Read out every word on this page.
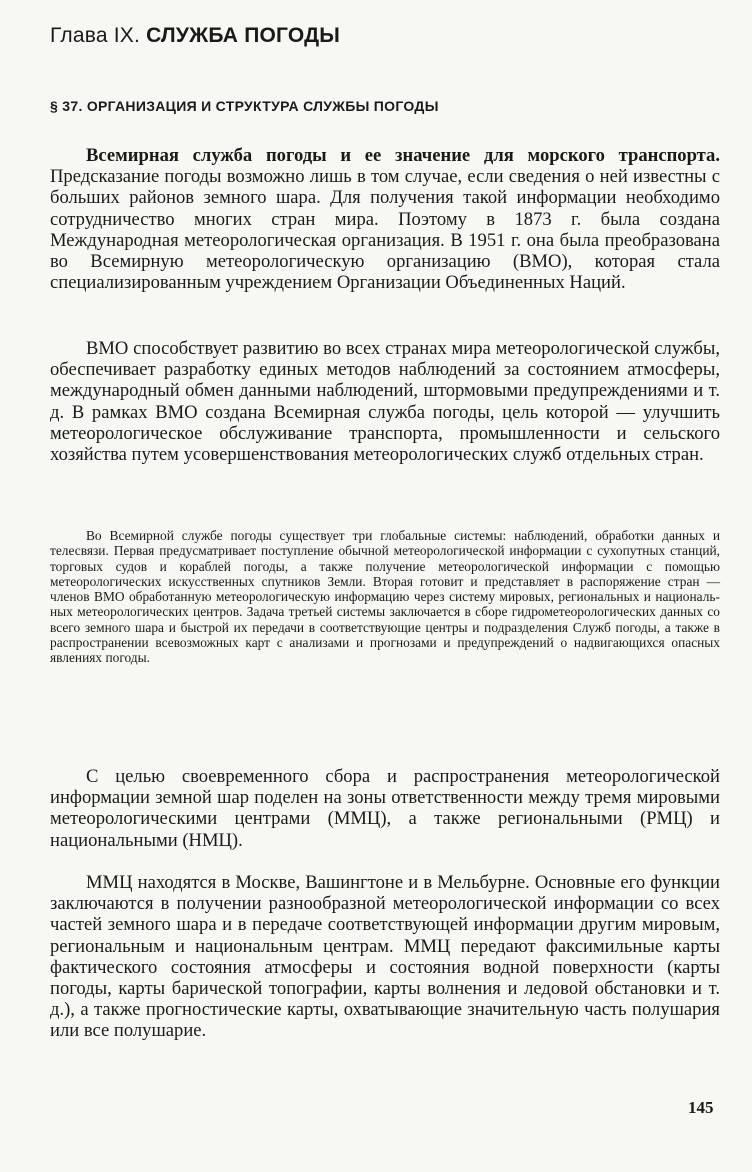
Глава IX. СЛУЖБА ПОГОДЫ
§ 37. ОРГАНИЗАЦИЯ И СТРУКТУРА СЛУЖБЫ ПОГОДЫ

Всемирная служба погоды и ее значение для морского транспорта. Предсказание погоды возможно лишь в том случае, если сведения о ней известны с больших районов земного шара. Для получения такой информации необходимо сотрудничество многих стран мира. Поэтому в 1873 г. была создана Международная метеорологическая организация. В 1951 г. она была преобразована во Всемирную метеорологическую организацию (ВМО), которая стала специализированным учреждением Организации Объединенных Наций.

ВМО способствует развитию во всех странах мира метеорологической службы, обеспечивает разработку единых методов наблюдений за состоянием атмосферы, международный обмен данными наблюдений, штормовыми предупреждениями и т. д. В рамках ВМО создана Всемирная служба погоды, цель которой — улучшить метеорологическое обслуживание транспорта, промышленности и сельского хозяйства путем усовершенствования метеорологических служб отдельных стран.

Во Всемирной службе погоды существует три глобальные системы: наблюдений, обработки данных и телесвязи. Первая предусматривает поступление обычной метеорологической информации с сухопутных станций, торговых судов и кораблей погоды, а также получение метеорологической информации с помощью метеорологических искусственных спутников Земли. Вторая готовит и представляет в распоряжение стран — членов ВМО обработанную метеорологическую информацию через систему мировых, региональных и национальных метеорологических центров. Задача третьей системы заключается в сборе гидрометеорологических данных со всего земного шара и быстрой их передачи в соответствующие центры и подразделения Служб погоды, а также в распространении всевозможных карт с анализами и прогнозами и предупреждений о надвигающихся опасных явлениях погоды.

С целью своевременного сбора и распространения метеорологической информации земной шар поделен на зоны ответственности между тремя мировыми метеорологическими центрами (ММЦ), а также региональными (РМЦ) и национальными (НМЦ).

ММЦ находятся в Москве, Вашингтоне и в Мельбурне. Основные его функции заключаются в получении разнообразной метеорологической информации со всех частей земного шара и в передаче соответствующей информации другим мировым, региональным и национальным центрам. ММЦ передают факсимильные карты фактического состояния атмосферы и состояния водной поверхности (карты погоды, карты барической топографии, карты волнения и ледовой обстановки и т. д.), а также прогностические карты, охватывающие значительную часть полушария или все полушарие.

145
